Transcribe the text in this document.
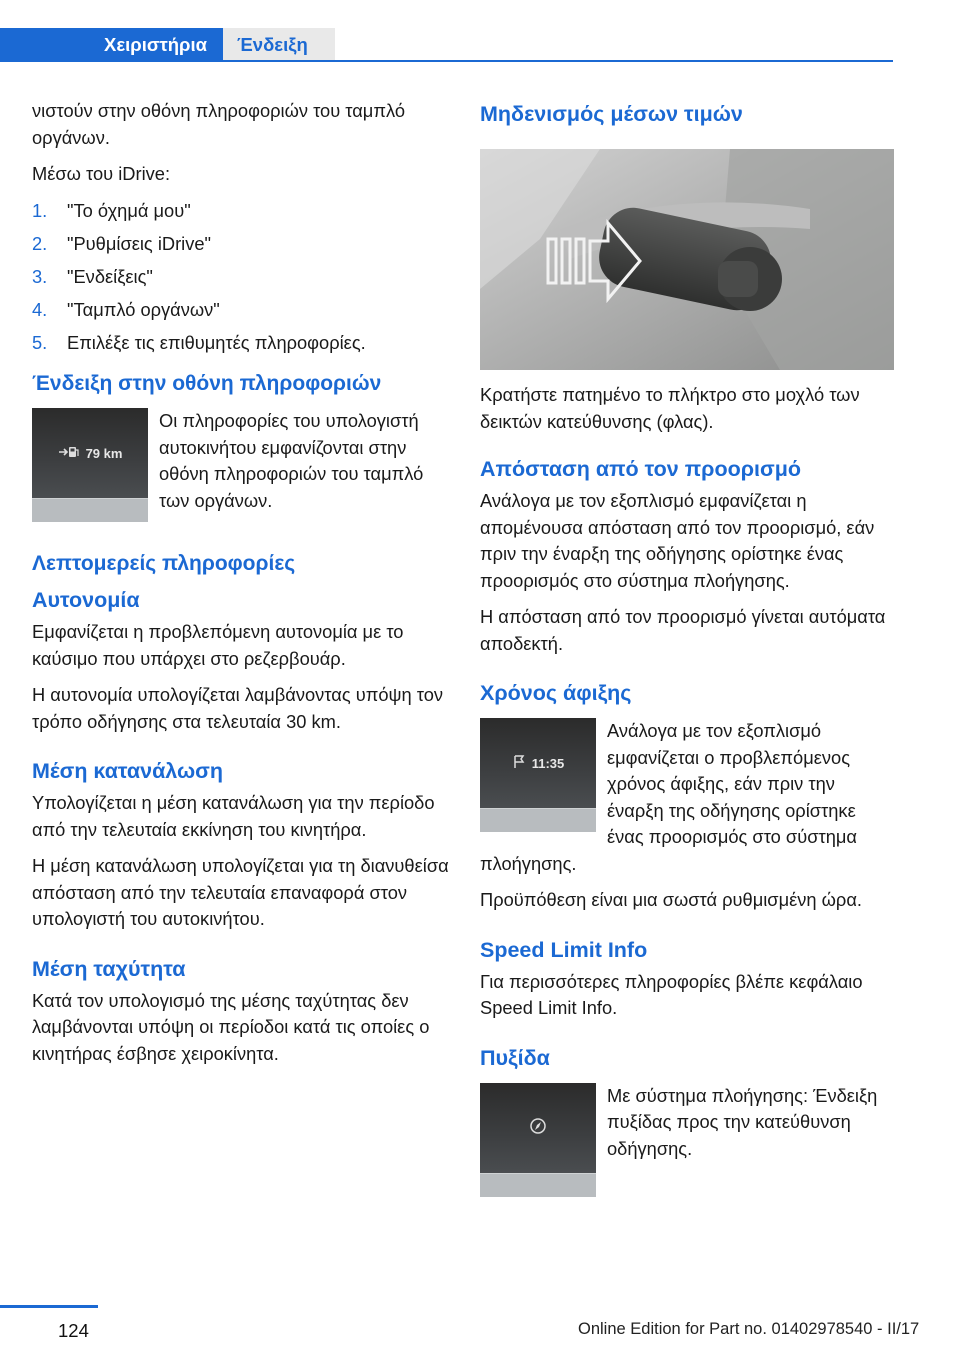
Χειριστήρια	Ένδειξη

νιστούν στην οθόνη πληροφοριών του ταμπλό οργάνων.

Μέσω του iDrive:

1.	"Το όχημά μου"
2.	"Ρυθμίσεις iDrive"
3.	"Ενδείξεις"
4.	"Ταμπλό οργάνων"
5.	Επιλέξε τις επιθυμητές πληροφορίες.
Ένδειξη στην οθόνη πληροφοριών
79 km

Οι πληροφορίες του υπολογιστή αυτοκινήτου εμφανίζονται στην οθόνη πληροφοριών του ταμπλό των οργάνων.

Λεπτομερείς πληροφορίες
Αυτονομία

Εμφανίζεται η προβλεπόμενη αυτονομία με το καύσιμο που υπάρχει στο ρεζερβουάρ.

Η αυτονομία υπολογίζεται λαμβάνοντας υπόψη τον τρόπο οδήγησης στα τελευταία 30 km.

Μέση κατανάλωση

Υπολογίζεται η μέση κατανάλωση για την περίοδο από την τελευταία εκκίνηση του κινητήρα.

Η μέση κατανάλωση υπολογίζεται για τη διανυθείσα απόσταση από την τελευταία επαναφορά στον υπολογιστή του αυτοκινήτου.

Μέση ταχύτητα

Κατά τον υπολογισμό της μέσης ταχύτητας δεν λαμβάνονται υπόψη οι περίοδοι κατά τις οποίες ο κινητήρας έσβησε χειροκίνητα.

Μηδενισμός μέσων τιμών

Κρατήστε πατημένο το πλήκτρο στο μοχλό των δεικτών κατεύθυνσης (φλας).

Απόσταση από τον προορισμό

Ανάλογα με τον εξοπλισμό εμφανίζεται η απομένουσα απόσταση από τον προορισμό, εάν πριν την έναρξη της οδήγησης ορίστηκε ένας προορισμός στο σύστημα πλοήγησης.

Η απόσταση από τον προορισμό γίνεται αυτόματα αποδεκτή.

Χρόνος άφιξης
11:35

Ανάλογα με τον εξοπλισμό εμφανίζεται ο προβλεπόμενος χρόνος άφιξης, εάν πριν την έναρξη της οδήγησης ορίστηκε ένας προορισμός στο σύστημα πλοήγησης.

Προϋπόθεση είναι μια σωστά ρυθμισμένη ώρα.

Speed Limit Info

Για περισσότερες πληροφορίες βλέπε κεφάλαιο Speed Limit Info.

Πυξίδα

Με σύστημα πλοήγησης: Ένδειξη πυξίδας προς την κατεύθυνση οδήγησης.

124	Online Edition for Part no. 01402978540 - II/17
